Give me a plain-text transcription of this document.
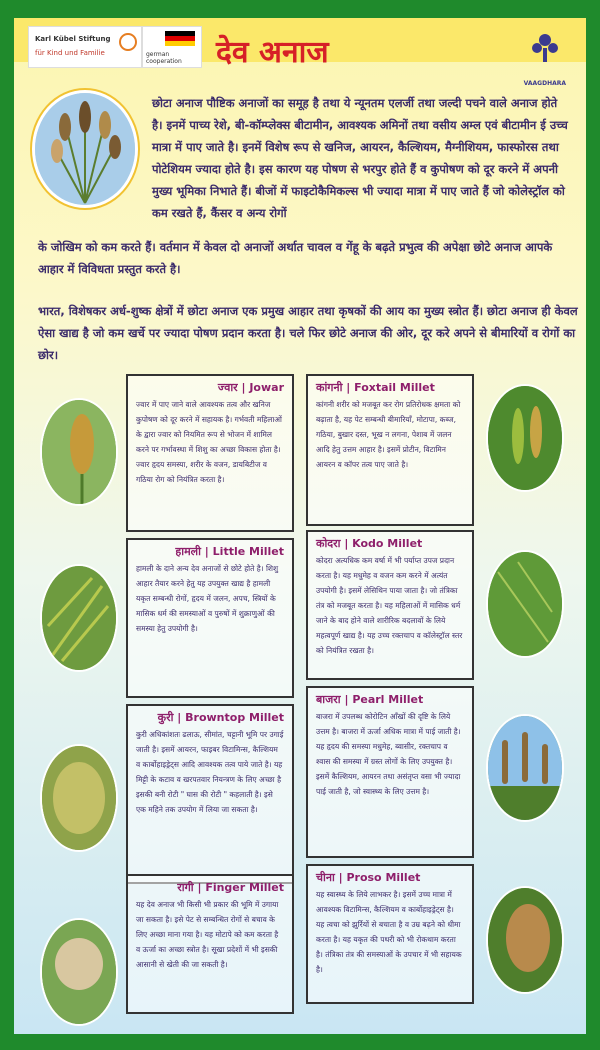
Karl Kübel Stiftung
für Kind und Familie	german cooperation	देव अनाज
VAAGDHARA
छोटा अनाज पौष्टिक अनाजों का समूह है तथा ये न्यूनतम एलर्जी तथा जल्दी पचने वाले अनाज होते है। इनमें पाच्य रेशे, बी-कॉम्प्लेक्स बीटामीन, आवश्यक अमिनों तथा वसीय अम्ल एवं बीटामीन ई उच्च मात्रा में पाए जाते है। इनमें विशेष रूप से खनिज, आयरन, कैल्शियम, मैग्नीशियम, फास्फोरस तथा पोटेशियम ज्यादा होते है। इस कारण यह पोषण से भरपुर होते हैं व कुपोषण को दूर करने में अपनी मुख्य भूमिका निभाते हैं। बीजों में फाइटोकैमिकल्स भी ज्यादा मात्रा में पाए जाते हैं जो कोलेस्ट्रॉल को कम रखते हैं, कैंसर व अन्य रोगों
के जोखिम को कम करते हैं। वर्तमान में केवल दो अनाजों अर्थात चावल व गेंहू के बढ़ते प्रभुत्व की अपेक्षा छोटे अनाज आपके आहार में विविधता प्रस्तुत करते है।
भारत, विशेषकर अर्ध-शुष्क क्षेत्रों में छोटा अनाज एक प्रमुख आहार तथा कृषकों की आय का मुख्य स्त्रोत हैं। छोटा अनाज ही केवल ऐसा खाद्य है जो कम खर्चे पर ज्यादा पोषण प्रदान करता है। चले फिर छोटे अनाज की ओर, दूर करे अपने से बीमारियों व रोगों का छोर।
ज्वार | Jowar
ज्वार में पाए जाने वाले आवश्यक तत्व और खनिज कुपोषण को दूर करने में सहायक है। गर्भवती महिलाओं के द्वारा ज्वार को नियमित रूप से भोजन में शामिल करने पर गर्भावस्था में शिशु का अच्छा विकास होता है। ज्वार हृदय समस्या, शरीर के वजन, डायबिटीज व गठिया रोग को नियंत्रित करता है।
हामली | Little Millet
हामली के दाने अन्य देव अनाजों से छोटे होते है। शिशु आहार तैयार करने हेतु यह उपयुक्त खाद्य है हामली यकृत सम्बन्धी रोगों, हृदय में जलन, अपच, स्त्रियों के मासिक धर्म की समस्याओं व पुरुषों में शुक्राणुओं की समस्या हेतु उपयोगी है।
कुरी | Browntop Millet
कुरी अधिकांशतः ढलाऊ, सीमांत, चट्टानी भूमि पर उगाई जाती है। इसमें आयरन, फाइबर विटामिन्स, कैल्शियम व कार्बोहाइड्रेट्स आदि आवश्यक तत्व पाये जाते है। यह मिट्टी के कटाव व खरपतवार नियन्त्रण के लिए अच्छा है इसकी बनी रोटी " घास की रोटी " कहलाती है। इसे एक महिने तक उपयोग में लिया जा सकता है।
रागी | Finger Millet
यह देव अनाज भी किसी भी प्रकार की भूमि में उगाया जा सकता है। इसे पेट से सम्बन्धित रोगों से बचाव के लिए अच्छा माना गया है। यह मोटापे को कम करता है व ऊर्जा का अच्छा स्त्रोत है। सूखा प्रदेशों में भी इसकी आसानी से खेती की जा सकती है।
कांगनी | Foxtail Millet
कांगनी शरीर को मजबूत कर रोग प्रतिरोधक क्षमता को बढ़ाता है, यह पेट सम्बन्धी बीमारियाँ, मोटापा, कब्ज, गठिया, बुखार दस्त, भूख न लगना, पेशाब में जलन आदि हेतु उत्तम आहार है। इसमें प्रोटीन, विटामिन आयरन व कॉपर तत्व पाए जाते है।
कोदरा | Kodo Millet
कोदरा अत्यधिक कम वर्षा में भी पर्याप्त उपज प्रदान करता है। यह मधुमेह व वजन कम करने में अत्यंत उपयोगी है। इसमें लेसिथिन पाया जाता है। जो तंत्रिका तंत्र को मजबूत करता है। यह महिलाओं में मासिक धर्म जाने के बाद होने वाले शारीरिक बदलावों के लिये महत्वपूर्ण खाद्य है। यह उच्च रक्तचाप व कॉलेस्ट्रॉल स्तर को नियंत्रित रखता है।
बाजरा | Pearl Millet
बाजरा में उपलब्ध कोरोटिन आँखों की दृष्टि के लिये उत्तम है। बाजरा में ऊर्जा अधिक मात्रा में पाई जाती है। यह हृदय की समस्या मधुमेह, ब्वासीर, रक्तचाप व श्वास की समस्या में ग्रस्त लोगों के लिए उपयुक्त है। इसमें कैल्शियम, आयरन तथा असंतृप्त वसा भी ज्यादा पाई जाती है, जो स्वास्थ्य के लिए उत्तम है।
चीना | Proso Millet
यह स्वास्थ्य के लिये लाभकर है। इसमें उच्च मात्रा में आवश्यक विटामिन्स, कैल्शियम व कार्बोहाइड्रेट्स है। यह त्वचा को झुर्रियों से बचाता है व उम्र बढ़ने को धीमा करता है। यह यकृत की पथरी को भी रोकथाम करता है। तंत्रिका तंत्र की समस्याओं के उपचार में भी सहायक है।
